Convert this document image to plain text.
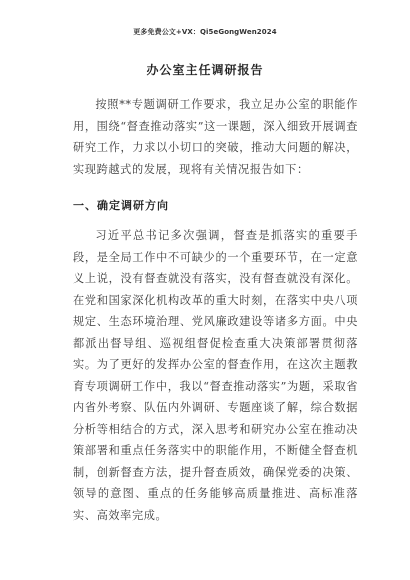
更多免费公文+VX：Qi5eGongWen2024
办公室主任调研报告

按照**专题调研工作要求，我立足办公室的职能作用，围绕“督查推动落实”这一课题，深入细致开展调查研究工作，力求以小切口的突破，推动大问题的解决，实现跨越式的发展，现将有关情况报告如下：

一、确定调研方向

习近平总书记多次强调，督查是抓落实的重要手段，是全局工作中不可缺少的一个重要环节，在一定意义上说，没有督查就没有落实，没有督查就没有深化。在党和国家深化机构改革的重大时刻，在落实中央八项规定、生态环境治理、党风廉政建设等诸多方面。中央都派出督导组、巡视组督促检查重大决策部署贯彻落实。为了更好的发挥办公室的督查作用，在这次主题教育专项调研工作中，我以“督查推动落实”为题，采取省内省外考察、队伍内外调研、专题座谈了解，综合数据分析等相结合的方式，深入思考和研究办公室在推动决策部署和重点任务落实中的职能作用，不断健全督查机制，创新督查方法，提升督查质效，确保党委的决策、领导的意图、重点的任务能够高质量推进、高标准落实、高效率完成。
